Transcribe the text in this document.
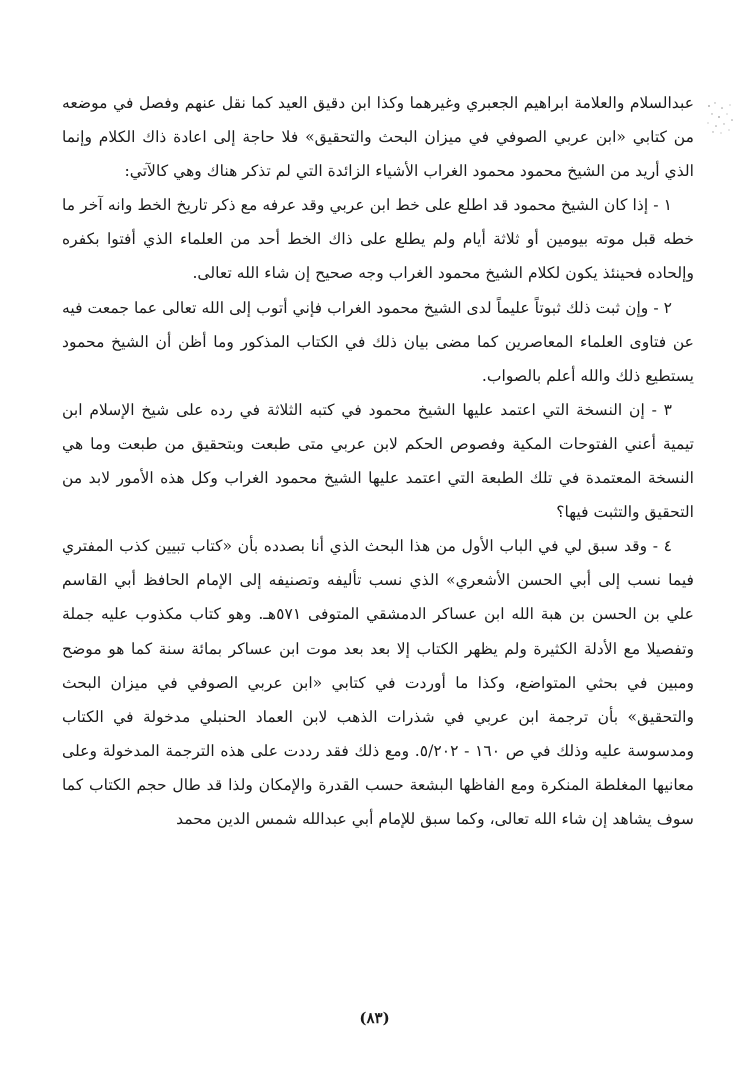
عبدالسلام والعلامة ابراهيم الجعبري وغيرهما وكذا ابن دقيق العيد كما نقل عنهم وفصل في موضعه من كتابي «ابن عربي الصوفي في ميزان البحث والتحقيق» فلا حاجة إلى اعادة ذاك الكلام وإنما الذي أريد من الشيخ محمود محمود الغراب الأشياء الزائدة التي لم تذكر هناك وهي كالآتي:

١ - إذا كان الشيخ محمود قد اطلع على خط ابن عربي وقد عرفه مع ذكر تاريخ الخط وانه آخر ما خطه قبل موته بيومين أو ثلاثة أيام ولم يطلع على ذاك الخط أحد من العلماء الذي أفتوا بكفره وإلحاده فحينئذ يكون لكلام الشيخ محمود الغراب وجه صحيح إن شاء الله تعالى.

٢ - وإن ثبت ذلك ثبوتاً عليماً لدى الشيخ محمود الغراب فإني أتوب إلى الله تعالى عما جمعت فيه عن فتاوى العلماء المعاصرين كما مضى بيان ذلك في الكتاب المذكور وما أظن أن الشيخ محمود يستطيع ذلك والله أعلم بالصواب.

٣ - إن النسخة التي اعتمد عليها الشيخ محمود في كتبه الثلاثة في رده على شيخ الإسلام ابن تيمية أعني الفتوحات المكية وفصوص الحكم لابن عربي متى طبعت وبتحقيق من طبعت وما هي النسخة المعتمدة في تلك الطبعة التي اعتمد عليها الشيخ محمود الغراب وكل هذه الأمور لابد من التحقيق والتثبت فيها؟

٤ - وقد سبق لي في الباب الأول من هذا البحث الذي أنا بصدده بأن «كتاب تبيين كذب المفتري فيما نسب إلى أبي الحسن الأشعري» الذي نسب تأليفه وتصنيفه إلى الإمام الحافظ أبي القاسم علي بن الحسن بن هبة الله ابن عساكر الدمشقي المتوفى ٥٧١هـ. وهو كتاب مكذوب عليه جملة وتفصيلا مع الأدلة الكثيرة ولم يظهر الكتاب إلا بعد بعد موت ابن عساكر بمائة سنة كما هو موضح ومبين في بحثي المتواضع، وكذا ما أوردت في كتابي «ابن عربي الصوفي في ميزان البحث والتحقيق» بأن ترجمة ابن عربي في شذرات الذهب لابن العماد الحنبلي مدخولة في الكتاب ومدسوسة عليه وذلك في ص ١٦٠ - ٥/٢٠٢. ومع ذلك فقد رددت على هذه الترجمة المدخولة وعلى معانيها المغلطة المنكرة ومع الفاظها البشعة حسب القدرة والإمكان ولذا قد طال حجم الكتاب كما سوف يشاهد إن شاء الله تعالى، وكما سبق للإمام أبي عبدالله شمس الدين محمد

(٨٣)
